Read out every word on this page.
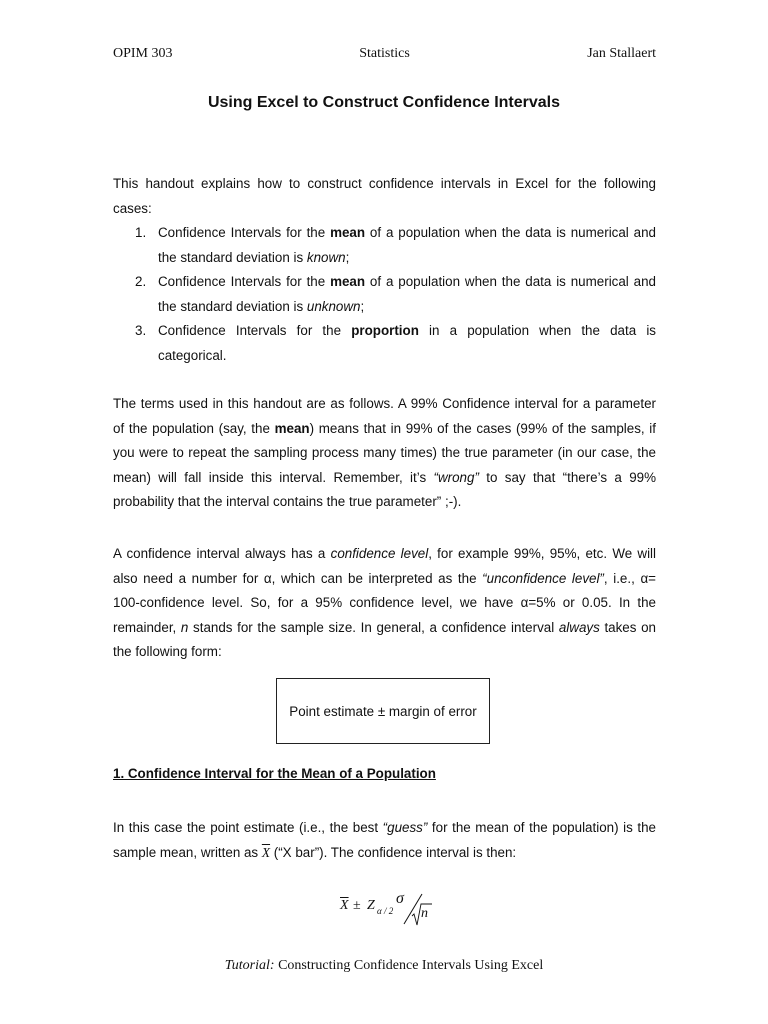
OPIM 303	Statistics	Jan Stallaert
Using Excel to Construct Confidence Intervals
This handout explains how to construct confidence intervals in Excel for the following cases:
1. Confidence Intervals for the mean of a population when the data is numerical and the standard deviation is known;
2. Confidence Intervals for the mean of a population when the data is numerical and the standard deviation is unknown;
3. Confidence Intervals for the proportion in a population when the data is categorical.
The terms used in this handout are as follows. A 99% Confidence interval for a parameter of the population (say, the mean) means that in 99% of the cases (99% of the samples, if you were to repeat the sampling process many times) the true parameter (in our case, the mean) will fall inside this interval. Remember, it’s “wrong” to say that “there’s a 99% probability that the interval contains the true parameter” ;-).
A confidence interval always has a confidence level, for example 99%, 95%, etc. We will also need a number for α, which can be interpreted as the “unconfidence level”, i.e., α= 100-confidence level. So, for a 95% confidence level, we have α=5% or 0.05. In the remainder, n stands for the sample size. In general, a confidence interval always takes on the following form:
Point estimate ± margin of error
1. Confidence Interval for the Mean of a Population
In this case the point estimate (i.e., the best “guess” for the mean of the population) is the sample mean, written as $\overline{X}$ (“X bar”). The confidence interval is then:
$\overline{X} \pm Z$ α / 2
σ
n
Tutorial: Constructing Confidence Intervals Using Excel
